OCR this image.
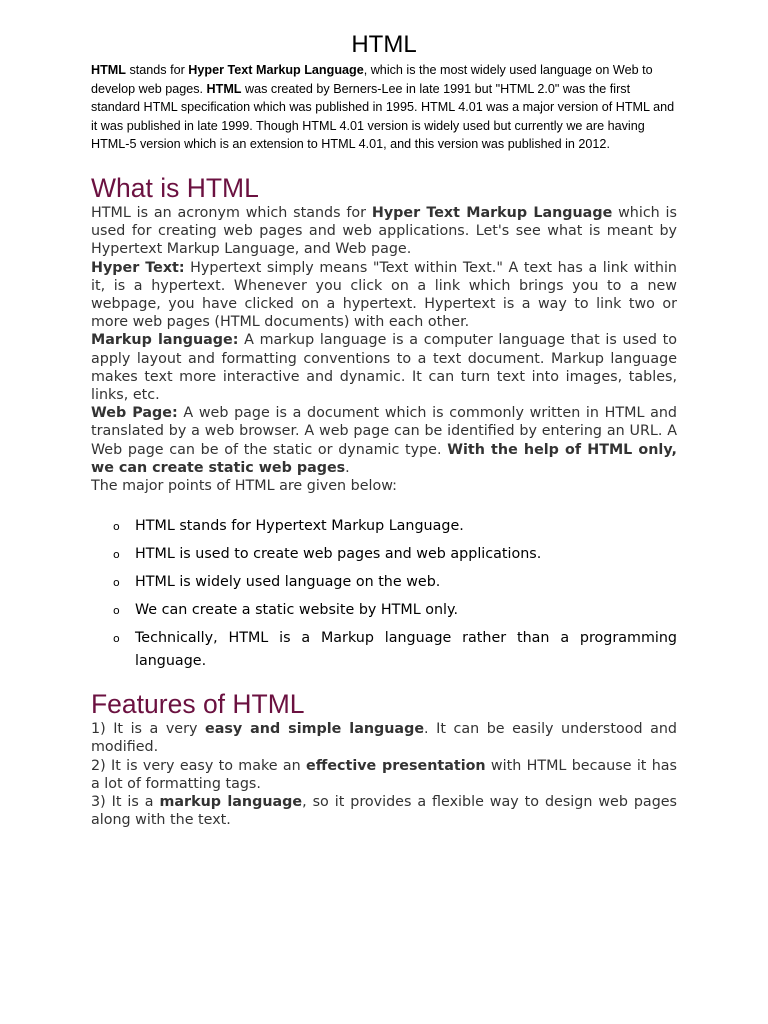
HTML

HTML stands for Hyper Text Markup Language, which is the most widely used language on Web to develop web pages. HTML was created by Berners-Lee in late 1991 but "HTML 2.0" was the first standard HTML specification which was published in 1995. HTML 4.01 was a major version of HTML and it was published in late 1999. Though HTML 4.01 version is widely used but currently we are having HTML-5 version which is an extension to HTML 4.01, and this version was published in 2012.

What is HTML

HTML is an acronym which stands for Hyper Text Markup Language which is used for creating web pages and web applications. Let's see what is meant by Hypertext Markup Language, and Web page.

Hyper Text: Hypertext simply means "Text within Text." A text has a link within it, is a hypertext. Whenever you click on a link which brings you to a new webpage, you have clicked on a hypertext. Hypertext is a way to link two or more web pages (HTML documents) with each other.

Markup language: A markup language is a computer language that is used to apply layout and formatting conventions to a text document. Markup language makes text more interactive and dynamic. It can turn text into images, tables, links, etc.

Web Page: A web page is a document which is commonly written in HTML and translated by a web browser. A web page can be identified by entering an URL. A Web page can be of the static or dynamic type. With the help of HTML only, we can create static web pages.

The major points of HTML are given below:

o HTML stands for Hypertext Markup Language.
o HTML is used to create web pages and web applications.
o HTML is widely used language on the web.
o We can create a static website by HTML only.
o Technically, HTML is a Markup language rather than a programming language.
Features of HTML

1) It is a very easy and simple language. It can be easily understood and modified.

2) It is very easy to make an effective presentation with HTML because it has a lot of formatting tags.

3) It is a markup language, so it provides a flexible way to design web pages along with the text.
